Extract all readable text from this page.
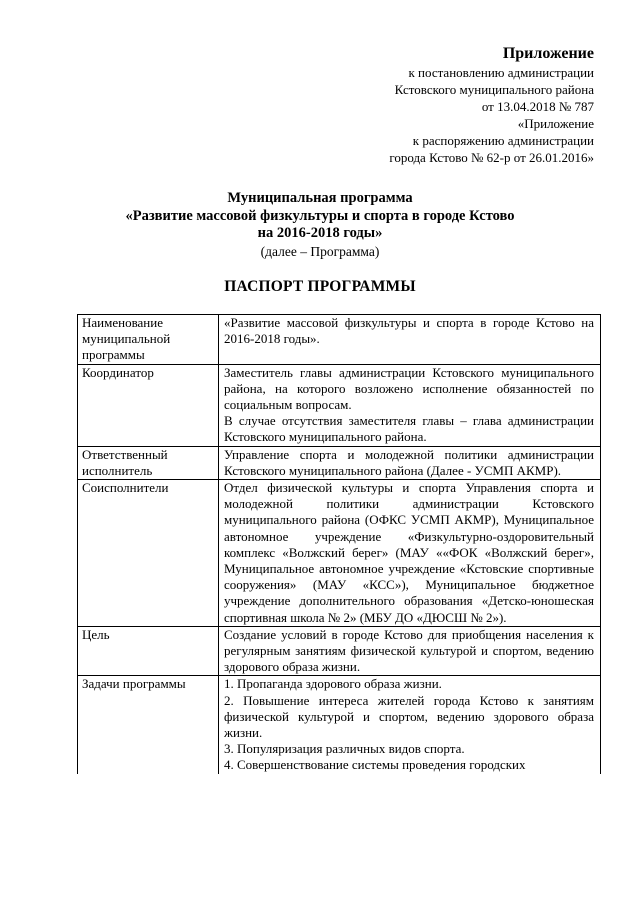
Приложение
к постановлению администрации
Кстовского муниципального района
от 13.04.2018 № 787
«Приложение
к распоряжению администрации
города Кстово № 62-р от 26.01.2016»
Муниципальная программа
«Развитие массовой физкультуры и спорта в городе Кстово
на 2016-2018 годы»
(далее – Программа)
ПАСПОРТ ПРОГРАММЫ
Наименование муниципальной программы	«Развитие массовой физкультуры и спорта в городе Кстово на 2016-2018 годы».

Координатор	Заместитель главы администрации Кстовского муниципального района, на которого возложено исполнение обязанностей по социальным вопросам.
В случае отсутствия заместителя главы – глава администрации Кстовского муниципального района.

Ответственный исполнитель	Управление спорта и молодежной политики администрации Кстовского муниципального района (Далее - УСМП АКМР).

Соисполнители	Отдел физической культуры и спорта Управления спорта и молодежной политики администрации Кстовского муниципального района (ОФКС УСМП АКМР), Муниципальное автономное учреждение «Физкультурно-оздоровительный комплекс «Волжский берег» (МАУ ««ФОК «Волжский берег», Муниципальное автономное учреждение «Кстовские спортивные сооружения» (МАУ «КСС»), Муниципальное бюджетное учреждение дополнительного образования «Детско-юношеская спортивная школа № 2» (МБУ ДО «ДЮСШ № 2»).

Цель	Создание условий в городе Кстово для приобщения населения к регулярным занятиям физической культурой и спортом, ведению здорового образа жизни.

Задачи программы	1. Пропаганда здорового образа жизни.
2. Повышение интереса жителей города Кстово к занятиям физической культурой и спортом, ведению здорового образа жизни.
3. Популяризация различных видов спорта.
4. Совершенствование системы проведения городских
